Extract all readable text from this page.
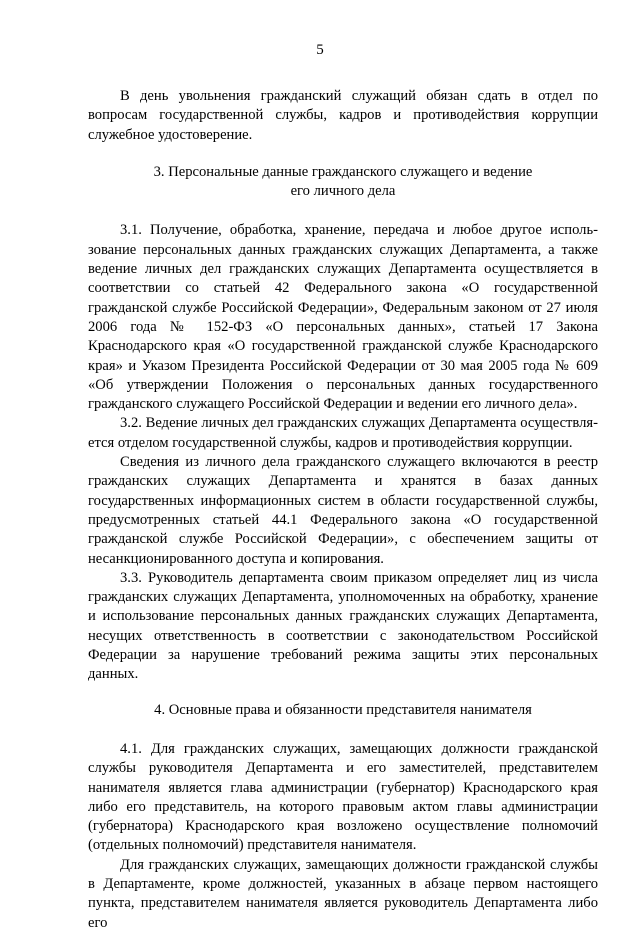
5

В день увольнения гражданский служащий обязан сдать в отдел по вопросам государственной службы, кадров и противодействия коррупции служебное удостоверение.

3. Персональные данные гражданского служащего и ведение
его личного дела

3.1. Получение, обработка, хранение, передача и любое другое использование персональных данных гражданских служащих Департамента, а также ведение личных дел гражданских служащих Департамента осуществляется в соответствии со статьей 42 Федерального закона «О государственной гражданской службе Российской Федерации», Федеральным законом от 27 июля 2006 года № 152-ФЗ «О персональных данных», статьей 17 Закона Краснодарского края «О государственной гражданской службе Краснодарского края» и Указом Президента Российской Федерации от 30 мая 2005 года № 609 «Об утверждении Положения о персональных данных государственного гражданского служащего Российской Федерации и ведении его личного дела».

3.2. Ведение личных дел гражданских служащих Департамента осуществляется отделом государственной службы, кадров и противодействия коррупции.

Сведения из личного дела гражданского служащего включаются в реестр гражданских служащих Департамента и хранятся в базах данных государственных информационных систем в области государственной службы, предусмотренных статьей 44.1 Федерального закона «О государственной гражданской службе Российской Федерации», с обеспечением защиты от несанкционированного доступа и копирования.

3.3. Руководитель департамента своим приказом определяет лиц из числа гражданских служащих Департамента, уполномоченных на обработку, хранение и использование персональных данных гражданских служащих Департамента, несущих ответственность в соответствии с законодательством Российской Федерации за нарушение требований режима защиты этих персональных данных.

4. Основные права и обязанности представителя нанимателя

4.1. Для гражданских служащих, замещающих должности гражданской службы руководителя Департамента и его заместителей, представителем нанимателя является глава администрации (губернатор) Краснодарского края либо его представитель, на которого правовым актом главы администрации (губернатора) Краснодарского края возложено осуществление полномочий (отдельных полномочий) представителя нанимателя.

Для гражданских служащих, замещающих должности гражданской службы в Департаменте, кроме должностей, указанных в абзаце первом настоящего пункта, представителем нанимателя является руководитель Департамента либо его
